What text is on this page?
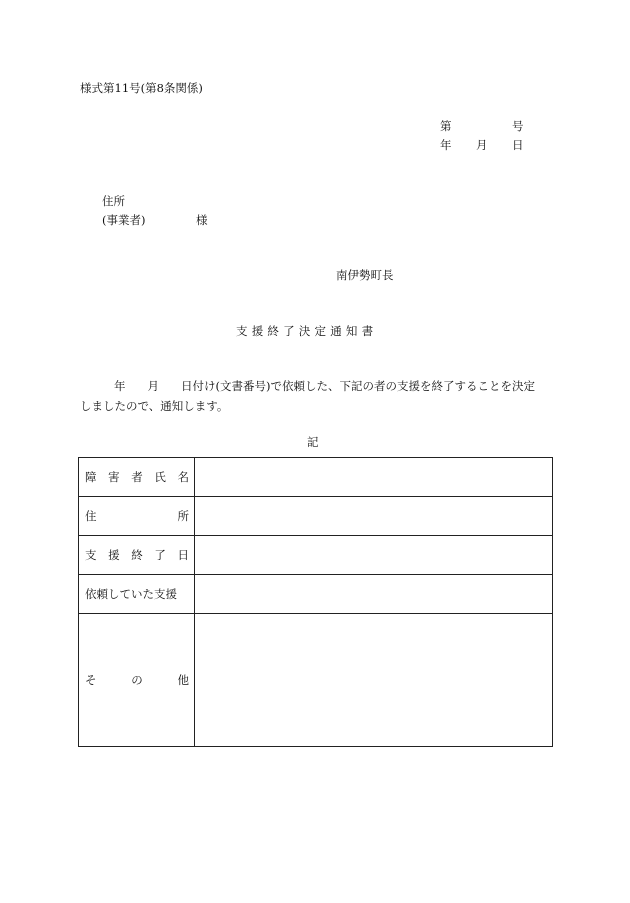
様式第11号(第8条関係)
第	号
年 月 日
住所
(事業者)	様
南伊勢町長
支援終了決定通知書
年 月 日付け(文書番号)で依頼した、下記の者の支援を終了することを決定
しましたので、通知します。
記
障 害 者 氏 名	

住 所	

支 援 終 了 日	

依頼していた支援	

そ の 他	
